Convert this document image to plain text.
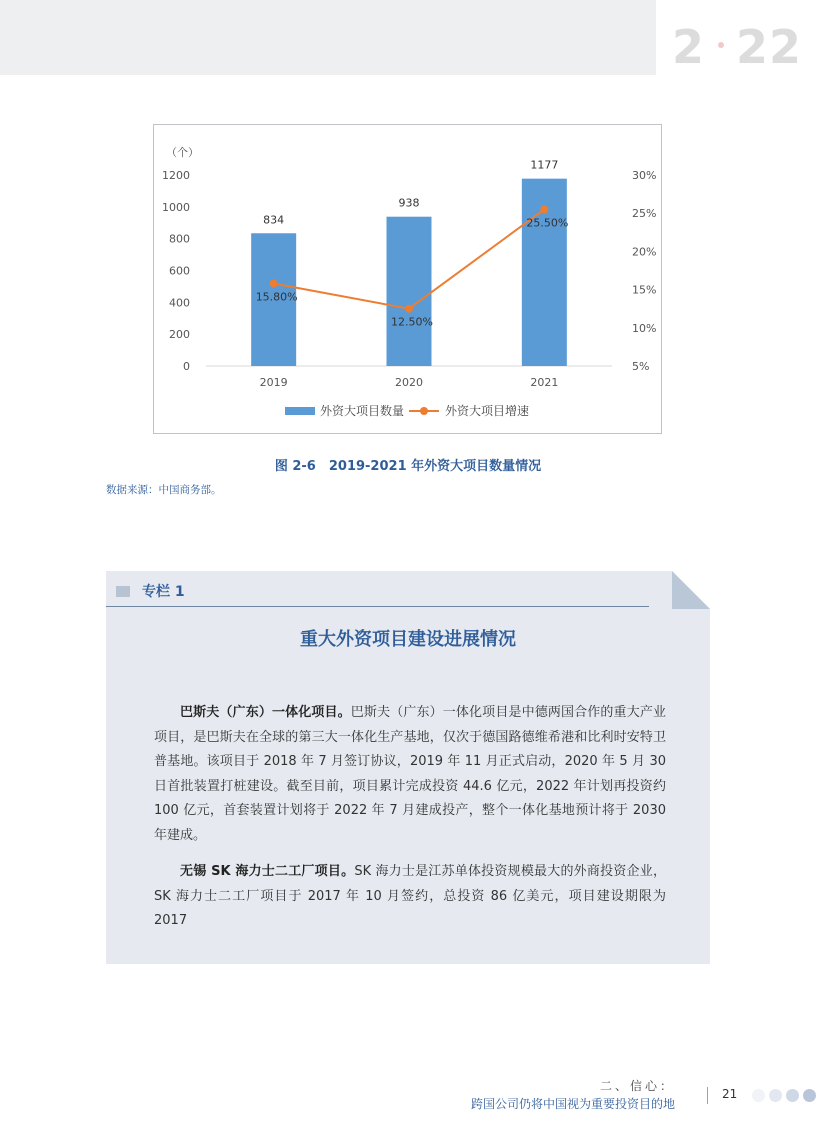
2 22
（个）
0
200
400
600
800
1000
1200
5%
10%
15%
20%
25%
30%
834
2019
938
2020
1177
2021
15.80%
12.50%
25.50%
外资大项目数量	外资大项目增速
图 2-6　2019-2021 年外资大项目数量情况
数据来源：中国商务部。
专栏 1
重大外资项目建设进展情况

巴斯夫（广东）一体化项目。巴斯夫（广东）一体化项目是中德两国合作的重大产业项目，是巴斯夫在全球的第三大一体化生产基地，仅次于德国路德维希港和比利时安特卫普基地。该项目于 2018 年 7 月签订协议，2019 年 11 月正式启动，2020 年 5 月 30 日首批装置打桩建设。截至目前，项目累计完成投资 44.6 亿元，2022 年计划再投资约 100 亿元，首套装置计划将于 2022 年 7 月建成投产，整个一体化基地预计将于 2030 年建成。

无锡 SK 海力士二工厂项目。SK 海力士是江苏单体投资规模最大的外商投资企业，SK 海力士二工厂项目于 2017 年 10 月签约，总投资 86 亿美元，项目建设期限为 2017

二、信心：
跨国公司仍将中国视为重要投资目的地
21
